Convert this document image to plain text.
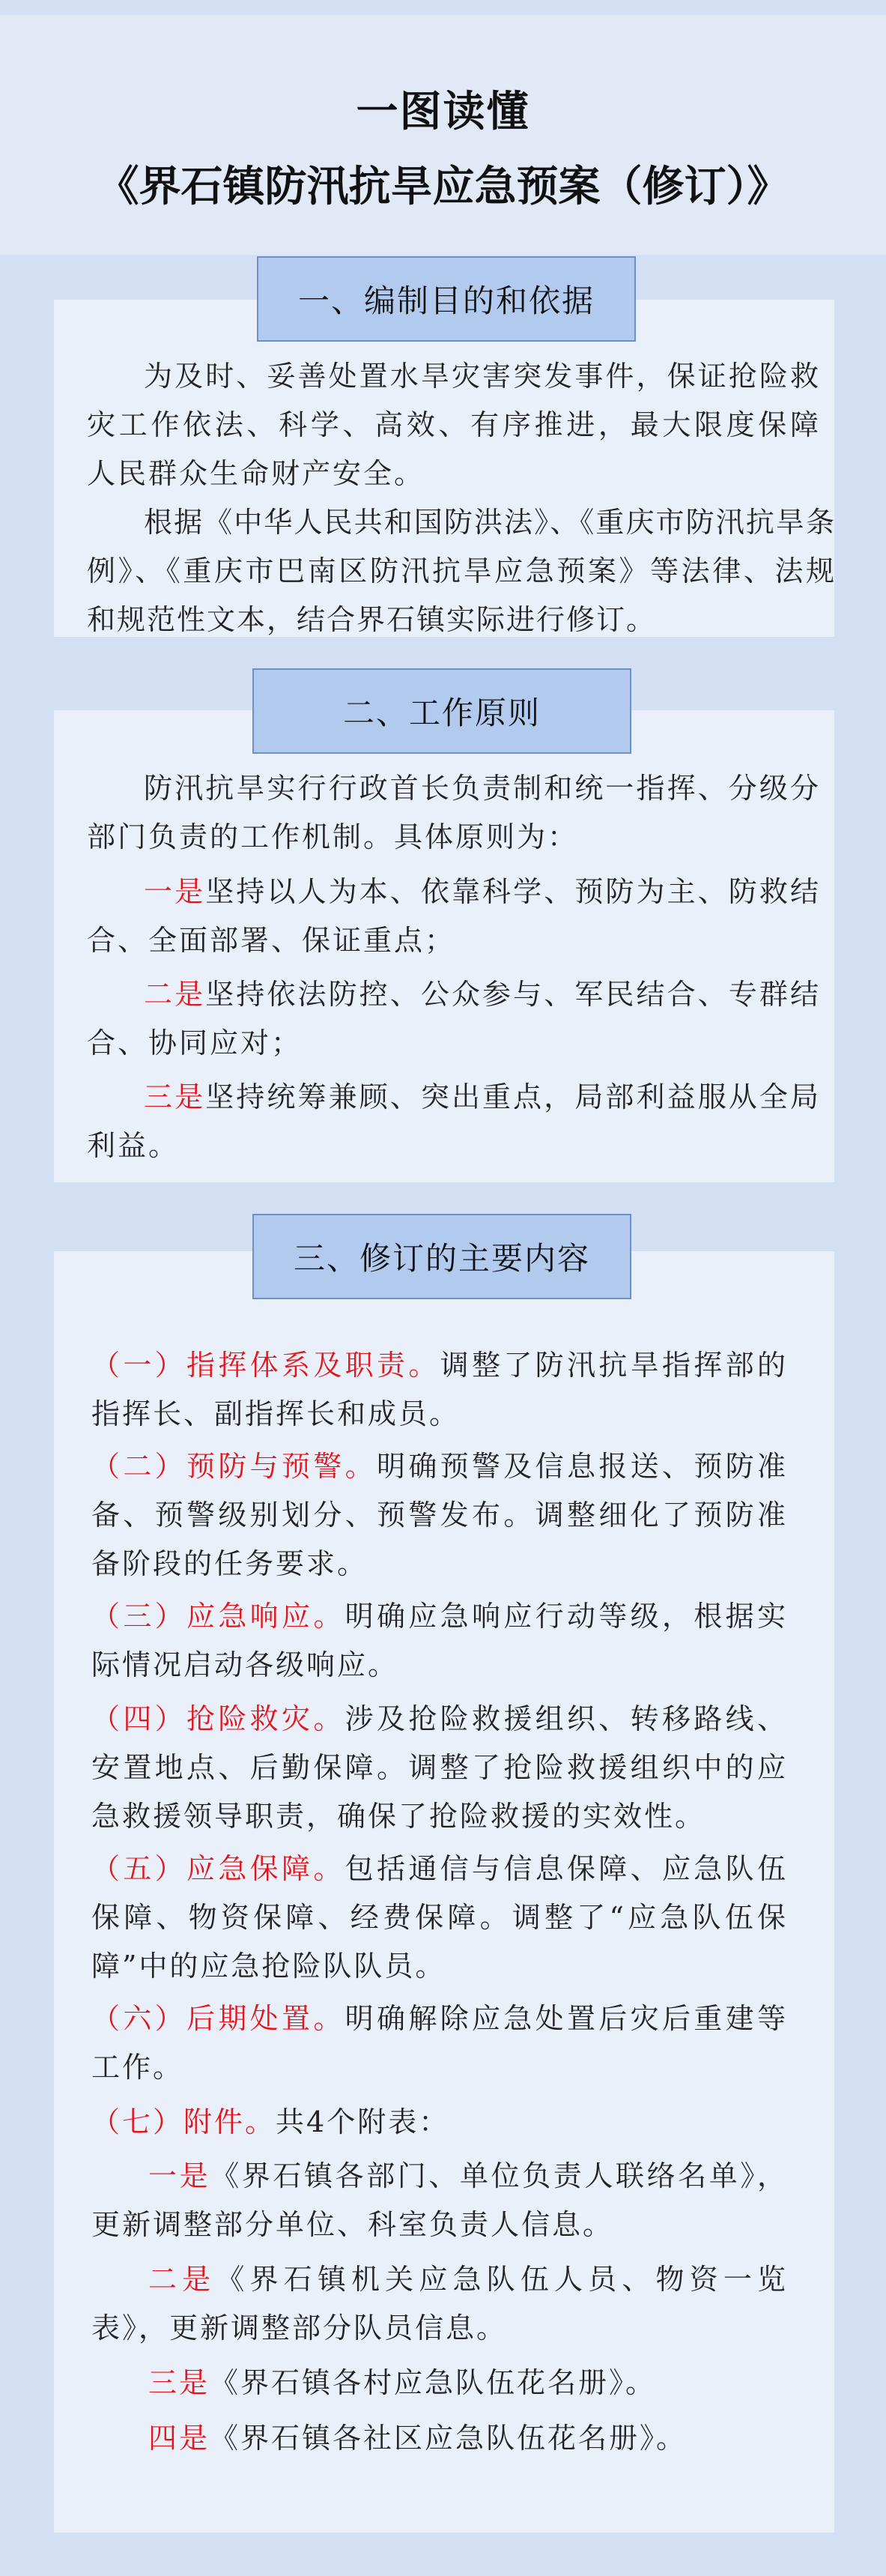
一图读懂
《界石镇防汛抗旱应急预案（修订）》
一、编制目的和依据
为及时、妥善处置水旱灾害突发事件，保证抢险救灾工作依法、科学、高效、有序推进，最大限度保障人民群众生命财产安全。
根据《中华人民共和国防洪法》、《重庆市防汛抗旱条例》、《重庆市巴南区防汛抗旱应急预案》等法律、法规和规范性文本，结合界石镇实际进行修订。
二、工作原则
防汛抗旱实行行政首长负责制和统一指挥、分级分部门负责的工作机制。具体原则为：
一是坚持以人为本、依靠科学、预防为主、防救结合、全面部署、保证重点；
二是坚持依法防控、公众参与、军民结合、专群结合、协同应对；
三是坚持统筹兼顾、突出重点，局部利益服从全局利益。
三、修订的主要内容
（一）指挥体系及职责。调整了防汛抗旱指挥部的指挥长、副指挥长和成员。
（二）预防与预警。明确预警及信息报送、预防准备、预警级别划分、预警发布。调整细化了预防准备阶段的任务要求。
（三）应急响应。明确应急响应行动等级，根据实际情况启动各级响应。
（四）抢险救灾。涉及抢险救援组织、转移路线、安置地点、后勤保障。调整了抢险救援组织中的应急救援领导职责，确保了抢险救援的实效性。
（五）应急保障。包括通信与信息保障、应急队伍保障、物资保障、经费保障。调整了“应急队伍保障”中的应急抢险队队员。
（六）后期处置。明确解除应急处置后灾后重建等工作。
（七）附件。共4个附表：
一是《界石镇各部门、单位负责人联络名单》，更新调整部分单位、科室负责人信息。
二是《界石镇机关应急队伍人员、物资一览表》，更新调整部分队员信息。
三是《界石镇各村应急队伍花名册》。
四是《界石镇各社区应急队伍花名册》。
